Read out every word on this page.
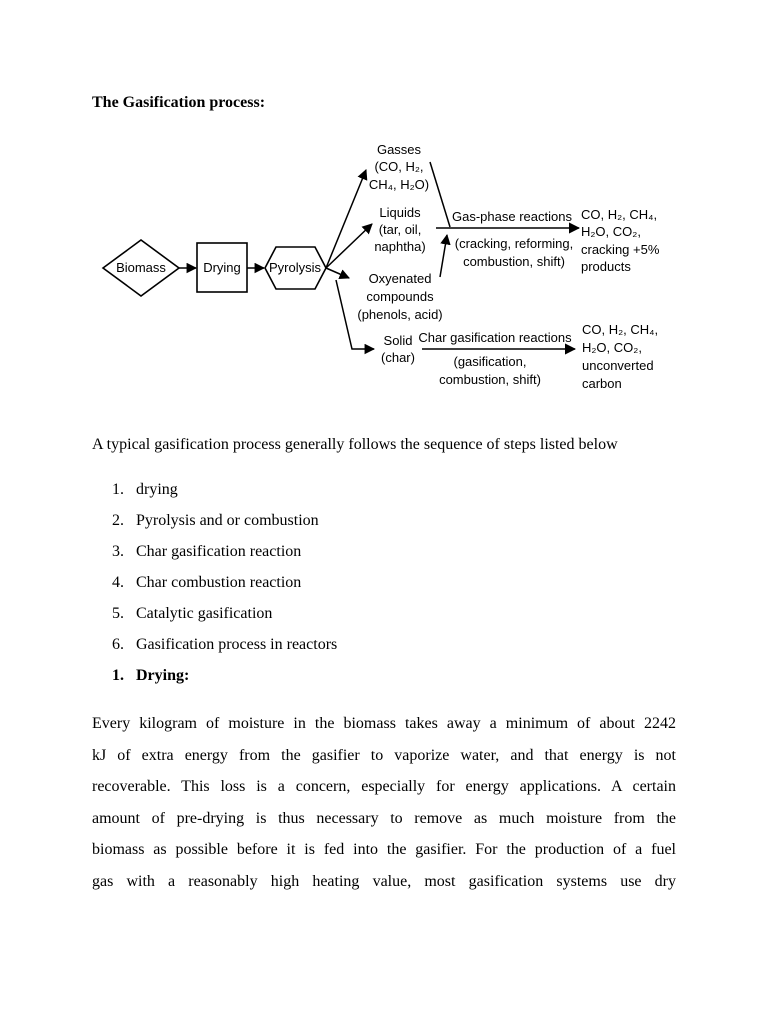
The Gasification process:
Biomass	Drying Pyrolysis
Gasses
(CO, H₂,
CH₄, H₂O)
Liquids
(tar, oil,
naphtha)
Oxyenated
compounds
(phenols, acid)
Solid
(char)
Gas-phase reactions
(cracking, reforming,
combustion, shift)
CO, H₂, CH₄,
H₂O, CO₂,
cracking +5%
products
Char gasification reactions
(gasification,
combustion, shift)
CO, H₂, CH₄,
H₂O, CO₂,
unconverted
carbon
A typical gasification process generally follows the sequence of steps listed below
1. drying
2. Pyrolysis and or combustion
3. Char gasification reaction
4. Char combustion reaction
5. Catalytic gasification
6. Gasification process in reactors
1. Drying:
Every kilogram of moisture in the biomass takes away a minimum of about 2242
kJ of extra energy from the gasifier to vaporize water, and that energy is not
recoverable. This loss is a concern, especially for energy applications. A certain
amount of pre-drying is thus necessary to remove as much moisture from the
biomass as possible before it is fed into the gasifier. For the production of a fuel
gas with a reasonably high heating value, most gasification systems use dry
